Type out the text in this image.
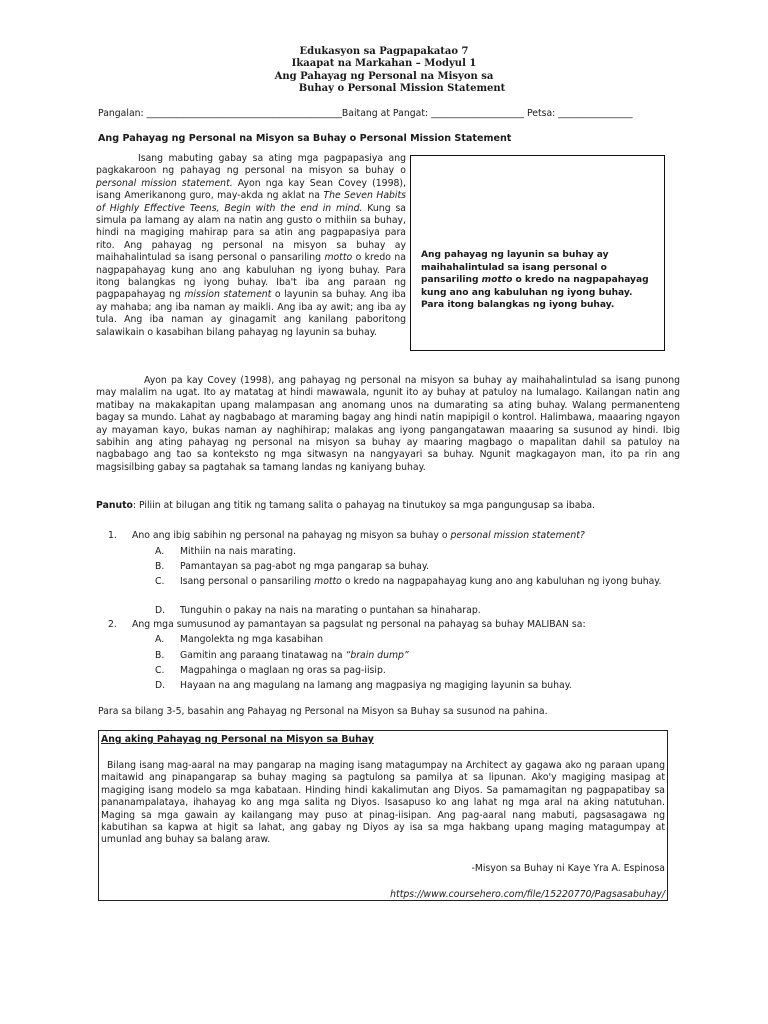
Edukasyon sa Pagpapakatao 7
Ikaapat na Markahan – Modyul 1
Ang Pahayag ng Personal na Misyon sa
Buhay o Personal Mission Statement
Pangalan: __________________________________________Baitang at Pangat: ____________________ Petsa: ________________
Ang Pahayag ng Personal na Misyon sa Buhay o Personal Mission Statement
Isang mabuting gabay sa ating mga pagpapasiya ang pagkakaroon ng pahayag ng personal na misyon sa buhay o personal mission statement. Ayon nga kay Sean Covey (1998), isang Amerikanong guro, may-akda ng aklat na The Seven Habits of Highly Effective Teens, Begin with the end in mind. Kung sa simula pa lamang ay alam na natin ang gusto o mithiin sa buhay, hindi na magiging mahirap para sa atin ang pagpapasiya para rito. Ang pahayag ng personal na misyon sa buhay ay maihahalintulad sa isang personal o pansariling motto o kredo na nagpapahayag kung ano ang kabuluhan ng iyong buhay. Para itong balangkas ng iyong buhay. Iba't iba ang paraan ng pagpapahayag ng mission statement o layunin sa buhay. Ang iba ay mahaba; ang iba naman ay maikli. Ang iba ay awit; ang iba ay tula. Ang iba naman ay ginagamit ang kanilang paboritong salawikain o kasabihan bilang pahayag ng layunin sa buhay.
Ang pahayag ng layunin sa buhay ay maihahalintulad sa isang personal o pansariling motto o kredo na nagpapahayag kung ano ang kabuluhan ng iyong buhay. Para itong balangkas ng iyong buhay.
Ayon pa kay Covey (1998), ang pahayag ng personal na misyon sa buhay ay maihahalintulad sa isang punong may malalim na ugat. Ito ay matatag at hindi mawawala, ngunit ito ay buhay at patuloy na lumalago. Kailangan natin ang matibay na makakapitan upang malampasan ang anomang unos na dumarating sa ating buhay. Walang permanenteng bagay sa mundo. Lahat ay nagbabago at maraming bagay ang hindi natin mapipigil o kontrol. Halimbawa, maaaring ngayon ay mayaman kayo, bukas naman ay naghihirap; malakas ang iyong pangangatawan maaaring sa susunod ay hindi. Ibig sabihin ang ating pahayag ng personal na misyon sa buhay ay maaring magbago o mapalitan dahil sa patuloy na nagbabago ang tao sa konteksto ng mga sitwasyn na nangyayari sa buhay. Ngunit magkagayon man, ito pa rin ang magsisilbing gabay sa pagtahak sa tamang landas ng kaniyang buhay.
Panuto: Piliin at bilugan ang titik ng tamang salita o pahayag na tinutukoy sa mga pangungusap sa ibaba.
1. Ano ang ibig sabihin ng personal na pahayag ng misyon sa buhay o personal mission statement?
A. Mithiin na nais marating.
B. Pamantayan sa pag-abot ng mga pangarap sa buhay.
C. Isang personal o pansariling motto o kredo na nagpapahayag kung ano ang kabuluhan ng iyong buhay.
D. Tunguhin o pakay na nais na marating o puntahan sa hinaharap.
2. Ang mga sumusunod ay pamantayan sa pagsulat ng personal na pahayag sa buhay MALIBAN sa:
A. Mangolekta ng mga kasabihan
B. Gamitin ang paraang tinatawag na “brain dump”
C. Magpahinga o maglaan ng oras sa pag-iisip.
D. Hayaan na ang magulang na lamang ang magpasiya ng magiging layunin sa buhay.
Para sa bilang 3-5, basahin ang Pahayag ng Personal na Misyon sa Buhay sa susunod na pahina.
Ang aking Pahayag ng Personal na Misyon sa Buhay
Bilang isang mag-aaral na may pangarap na maging isang matagumpay na Architect ay gagawa ako ng paraan upang maitawid ang pinapangarap sa buhay maging sa pagtulong sa pamilya at sa lipunan. Ako'y magiging masipag at magiging isang modelo sa mga kabataan. Hinding hindi kakalimutan ang Diyos. Sa pamamagitan ng pagpapatibay sa pananampalataya, ihahayag ko ang mga salita ng Diyos. Isasapuso ko ang lahat ng mga aral na aking natutuhan. Maging sa mga gawain ay kailangang may puso at pinag-iisipan. Ang pag-aaral nang mabuti, pagsasagawa ng kabutihan sa kapwa at higit sa lahat, ang gabay ng Diyos ay isa sa mga hakbang upang maging matagumpay at umunlad ang buhay sa balang araw.
-Misyon sa Buhay ni Kaye Yra A. Espinosa
https://www.coursehero.com/file/15220770/Pagsasabuhay/
